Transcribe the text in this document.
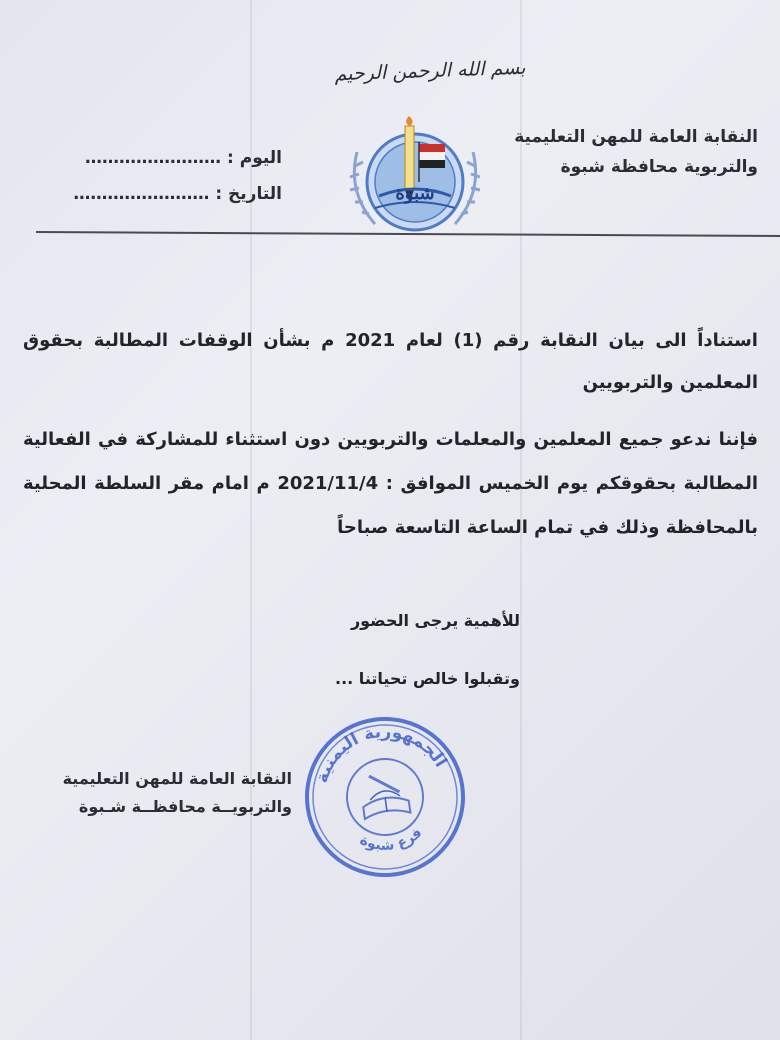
بسم الله الرحمن الرحيم
النقابة العامة للمهن التعليمية
والتربوية محافظة شبوة
اليوم :
……………………
التاريخ :
……………………	شبوة

استناداً الى بيان النقابة رقم (1) لعام 2021 م بشأن الوقفات المطالبة بحقوق المعلمين والتربويين

فإننا ندعو جميع المعلمين والمعلمات والتربويين دون استثناء للمشاركة في الفعالية المطالبة بحقوقكم يوم الخميس الموافق : 2021/11/4 م امام مقر السلطة المحلية بالمحافظة وذلك في تمام الساعة التاسعة صباحاً

للأهمية يرجى الحضور
وتقبلوا خالص تحياتنا ...
الجمهورية اليمنية
فرع شبوة
النقابة العامة للمهن التعليمية
والتربويــة محافظــة شـبوة
